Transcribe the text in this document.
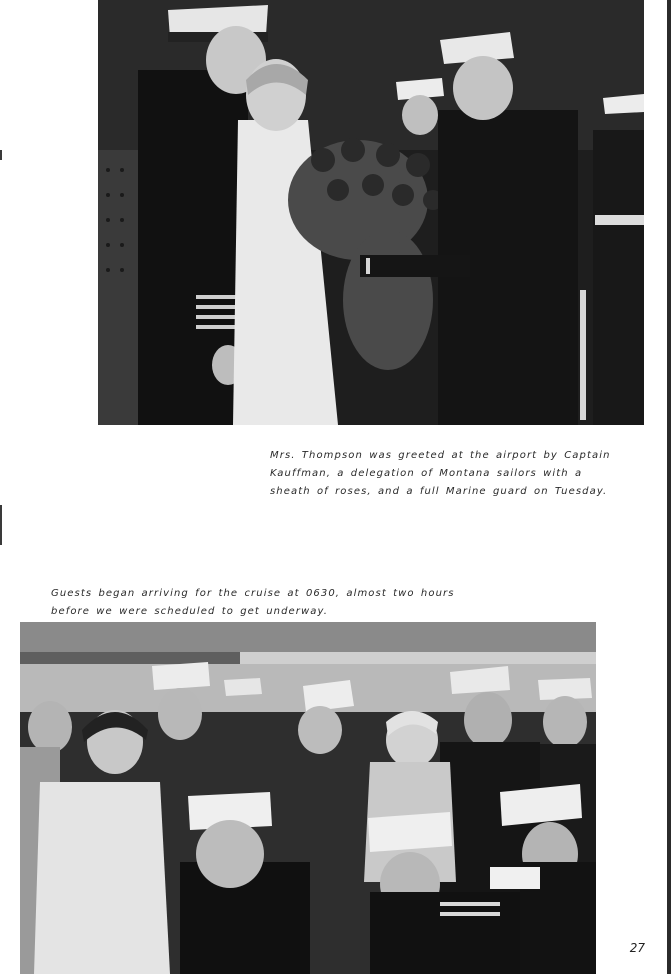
Mrs. Thompson was greeted at the airport by Captain Kauffman, a delegation of Montana sailors with a sheath of roses, and a full Marine guard on Tuesday.

Guests began arriving for the cruise at 0630, almost two hours before we were scheduled to get underway.

27
